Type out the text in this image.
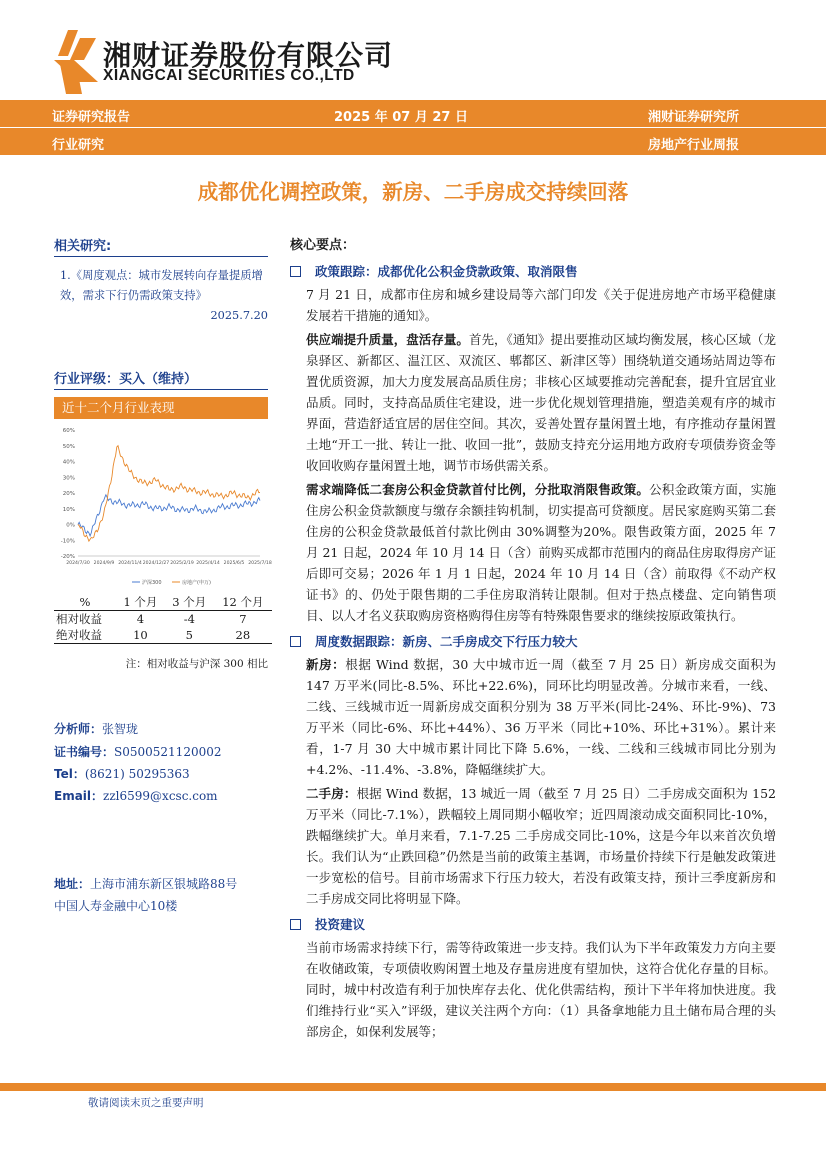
湘财证券股份有限公司
XIANGCAI SECURITIES CO.,LTD
证券研究报告	2025 年 07 月 27 日	湘财证券研究所
行业研究	房地产行业周报
成都优化调控政策，新房、二手房成交持续回落
相关研究:
1.《周度观点：城市发展转向存量提质增效，需求下行仍需政策支持》
2025.7.20
行业评级：买入（维持）
近十二个月行业表现
60%
50%
40%
30%
20%
10%
0%
-10%
-20%
2024/7/30 2024/9/9 2024/11/4 2024/12/27 2025/2/19 2025/4/14 2025/6/5 2025/7/18
沪深300	房地产(申万)
%	1 个月	3 个月	12 个月
相对收益	4	-4	7
绝对收益	10	5	28
注：相对收益与沪深 300 相比
分析师：张智珑
证书编号：S0500521120002
Tel：(8621) 50295363
Email：zzl6599@xcsc.com
地址：上海市浦东新区银城路88号
中国人寿金融中心10楼
核心要点：
政策跟踪：成都优化公积金贷款政策、取消限售
7 月 21 日，成都市住房和城乡建设局等六部门印发《关于促进房地产市场平稳健康发展若干措施的通知》。
供应端提升质量，盘活存量。首先，《通知》提出要推动区域均衡发展，核心区域（龙泉驿区、新都区、温江区、双流区、郫都区、新津区等）围绕轨道交通场站周边等布置优质资源，加大力度发展高品质住房；非核心区域要推动完善配套，提升宜居宜业品质。同时，支持高品质住宅建设，进一步优化规划管理措施，塑造美观有序的城市界面，营造舒适宜居的居住空间。其次，妥善处置存量闲置土地，有序推动存量闲置土地“开工一批、转让一批、收回一批”，鼓励支持充分运用地方政府专项债券资金等收回收购存量闲置土地，调节市场供需关系。
需求端降低二套房公积金贷款首付比例，分批取消限售政策。公积金政策方面，实施住房公积金贷款额度与缴存余额挂钩机制，切实提高可贷额度。居民家庭购买第二套住房的公积金贷款最低首付款比例由 30%调整为20%。限售政策方面，2025 年 7 月 21 日起，2024 年 10 月 14 日（含）前购买成都市范围内的商品住房取得房产证后即可交易；2026 年 1 月 1 日起，2024 年 10 月 14 日（含）前取得《不动产权证书》的、仍处于限售期的二手住房取消转让限制。但对于热点楼盘、定向销售项目、以人才名义获取购房资格购得住房等有特殊限售要求的继续按原政策执行。
周度数据跟踪：新房、二手房成交下行压力较大
新房：根据 Wind 数据，30 大中城市近一周（截至 7 月 25 日）新房成交面积为 147 万平米(同比-8.5%、环比+22.6%)，同环比均明显改善。分城市来看，一线、二线、三线城市近一周新房成交面积分别为 38 万平米(同比-24%、环比-9%)、73 万平米（同比-6%、环比+44%）、36 万平米（同比+10%、环比+31%）。累计来看，1-7 月 30 大中城市累计同比下降 5.6%，一线、二线和三线城市同比分别为+4.2%、-11.4%、-3.8%，降幅继续扩大。
二手房：根据 Wind 数据，13 城近一周（截至 7 月 25 日）二手房成交面积为 152 万平米（同比-7.1%），跌幅较上周同期小幅收窄；近四周滚动成交面积同比-10%，跌幅继续扩大。单月来看，7.1-7.25 二手房成交同比-10%，这是今年以来首次负增长。我们认为“止跌回稳”仍然是当前的政策主基调，市场量价持续下行是触发政策进一步宽松的信号。目前市场需求下行压力较大，若没有政策支持，预计三季度新房和二手房成交同比将明显下降。
投资建议
当前市场需求持续下行，需等待政策进一步支持。我们认为下半年政策发力方向主要在收储政策，专项债收购闲置土地及存量房进度有望加快，这符合优化存量的目标。同时，城中村改造有利于加快库存去化、优化供需结构，预计下半年将加快进度。我们维持行业“买入”评级，建议关注两个方向：（1）具备拿地能力且土储布局合理的头部房企，如保利发展等；
敬请阅读末页之重要声明
